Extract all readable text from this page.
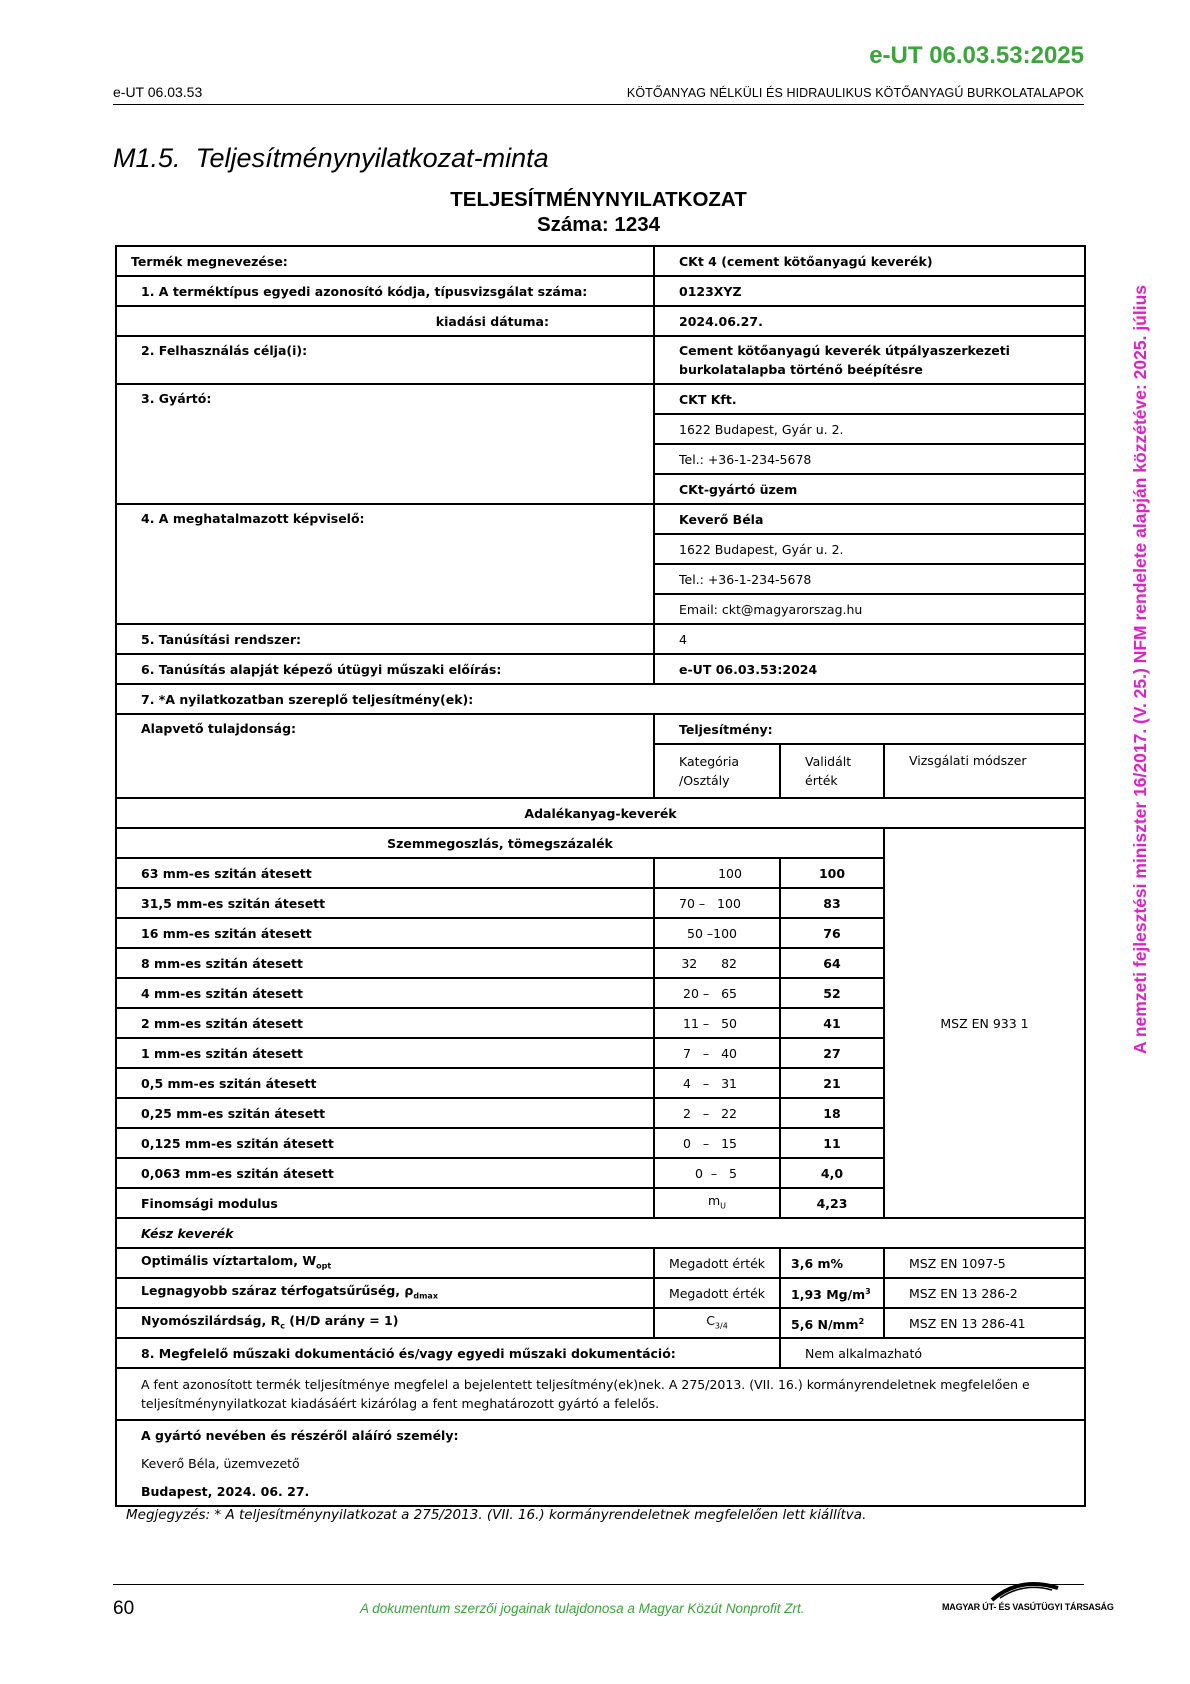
e-UT 06.03.53:2025
e-UT 06.03.53	KÖTŐANYAG NÉLKÜLI ÉS HIDRAULIKUS KÖTŐANYAGÚ BURKOLATALAPOK
M1.5.  Teljesítménynyilatkozat-minta
TELJESÍTMÉNYNYILATKOZAT
Száma: 1234
Termék megnevezése:	CKt 4 (cement kötőanyagú keverék)		
1. A terméktípus egyedi azonosító kódja, típusvizsgálat száma:	0123XYZ		
kiadási dátuma:	2024.06.27.		
2. Felhasználás célja(i):	Cement kötőanyagú keverék útpályaszerkezeti burkolatalapba történő beépítésre		
3. Gyártó:	CKT Kft.		
	1622 Budapest, Gyár u. 2.		
	Tel.: +36-1-234-5678		
	CKt-gyártó üzem		
4. A meghatalmazott képviselő:	Keverő Béla		
	1622 Budapest, Gyár u. 2.		
	Tel.: +36-1-234-5678		
	Email: ckt@magyarorszag.hu		
5. Tanúsítási rendszer:	4		
6. Tanúsítás alapját képező útügyi műszaki előírás:	e-UT 06.03.53:2024		
7. *A nyilatkozatban szereplő teljesítmény(ek):			
Alapvető tulajdonság:	Teljesítmény:		
	Kategória /Osztály	Validált érték	Vizsgálati módszer
Adalékanyag-keverék			
Szemmegoszlás, tömegszázalék			MSZ EN 933 1
63 mm-es szitán átesett	100	100	
31,5 mm-es szitán átesett	70 –   100	83	
16 mm-es szitán átesett	50 –100	76	
8 mm-es szitán átesett	32      82	64	
4 mm-es szitán átesett	20 –   65	52	
2 mm-es szitán átesett	11 –   50	41	
1 mm-es szitán átesett	7   –   40	27	
0,5 mm-es szitán átesett	4   –   31	21	
0,25 mm-es szitán átesett	2   –   22	18	
0,125 mm-es szitán átesett	0   –   15	11	
0,063 mm-es szitán átesett	0  –   5	4,0	
Finomsági modulus	$m_U$	4,23	
Kész keverék			
Optimális víztartalom, $W_{opt}$	Megadott érték	3,6 m%	MSZ EN 1097-5
Legnagyobb száraz térfogatsűrűség, $\rho_{dmax}$	Megadott érték	1,93 $Mg/m^3$	MSZ EN 13 286-2
Nyomószilárdság, $R_c$ (H/D arány = 1)	$C_{3/4}$	5,6 $N/mm^2$	MSZ EN 13 286-41
8. Megfelelő műszaki dokumentáció és/vagy egyedi műszaki dokumentáció:		Nem alkalmazható	
A fent azonosított termék teljesítménye megfelel a bejelentett teljesítmény(ek)nek. A 275/2013. (VII. 16.) kormányrendeletnek megfelelően e teljesítménynyilatkozat kiadásáért kizárólag a fent meghatározott gyártó a felelős.			
A gyártó nevében és részéről aláíró személy:			
Keverő Béla, üzemvezető			
Budapest, 2024. 06. 27.			
Megjegyzés: * A teljesítménynyilatkozat a 275/2013. (VII. 16.) kormányrendeletnek megfelelően lett kiállítva.
60	A dokumentum szerzői jogainak tulajdonosa a Magyar Közút Nonprofit Zrt.	MAGYAR ÚT- ÉS VASÚTÜGYI TÁRSASÁG
A nemzeti fejlesztési miniszter 16/2017. (V. 25.) NFM rendelete alapján közzétéve: 2025. július
